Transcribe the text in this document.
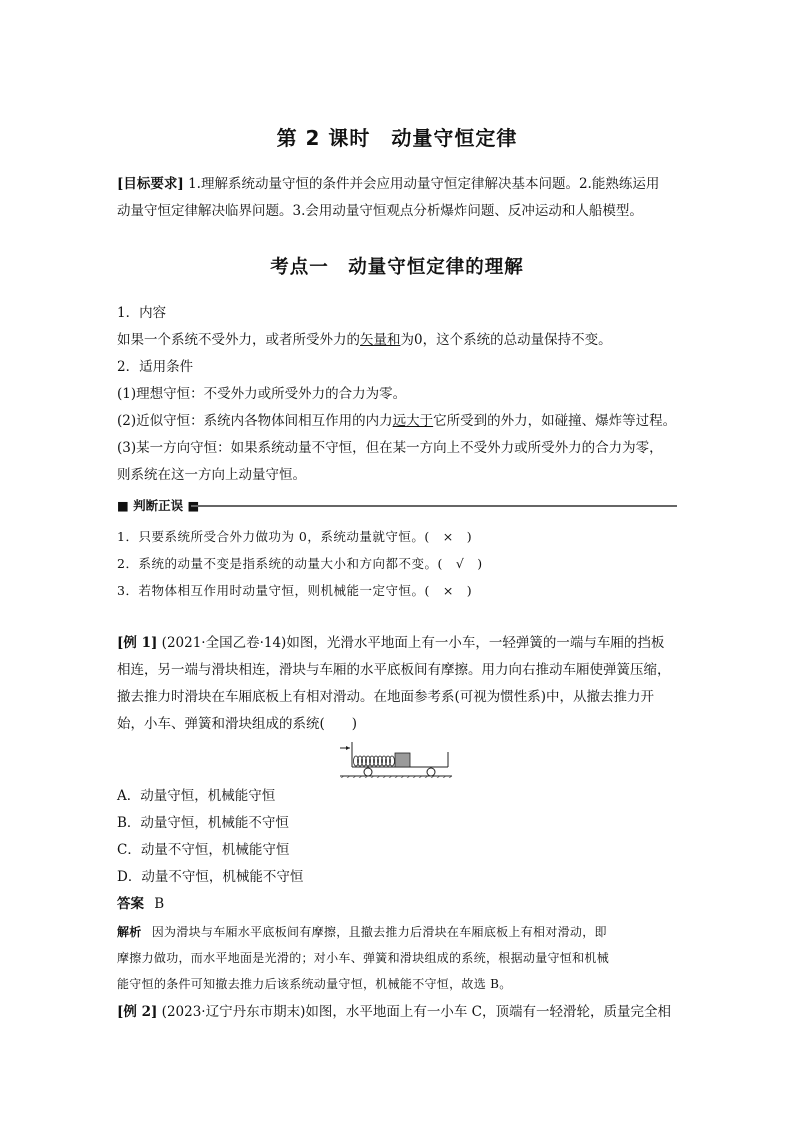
第 2 课时　动量守恒定律
[目标要求] 1.理解系统动量守恒的条件并会应用动量守恒定律解决基本问题。2.能熟练运用
动量守恒定律解决临界问题。3.会用动量守恒观点分析爆炸问题、反冲运动和人船模型。
考点一　动量守恒定律的理解
1．内容
如果一个系统不受外力，或者所受外力的矢量和为0，这个系统的总动量保持不变。
2．适用条件
(1)理想守恒：不受外力或所受外力的合力为零。
(2)近似守恒：系统内各物体间相互作用的内力远大于它所受到的外力，如碰撞、爆炸等过程。
(3)某一方向守恒：如果系统动量不守恒，但在某一方向上不受外力或所受外力的合力为零，
则系统在这一方向上动量守恒。
■ 判断正误 ■
1．只要系统所受合外力做功为 0，系统动量就守恒。(　×　)
2．系统的动量不变是指系统的动量大小和方向都不变。(　√　)
3．若物体相互作用时动量守恒，则机械能一定守恒。(　×　)
[例 1] (2021·全国乙卷·14)如图，光滑水平地面上有一小车，一轻弹簧的一端与车厢的挡板
相连，另一端与滑块相连，滑块与车厢的水平底板间有摩擦。用力向右推动车厢使弹簧压缩，
撤去推力时滑块在车厢底板上有相对滑动。在地面参考系(可视为惯性系)中，从撤去推力开
始，小车、弹簧和滑块组成的系统(　　)
A．动量守恒，机械能守恒
B．动量守恒，机械能不守恒
C．动量不守恒，机械能守恒
D．动量不守恒，机械能不守恒
答案 B
解析 因为滑块与车厢水平底板间有摩擦，且撤去推力后滑块在车厢底板上有相对滑动，即
摩擦力做功，而水平地面是光滑的；对小车、弹簧和滑块组成的系统，根据动量守恒和机械
能守恒的条件可知撤去推力后该系统动量守恒，机械能不守恒，故选 B。
[例 2] (2023·辽宁丹东市期末)如图，水平地面上有一小车 C，顶端有一轻滑轮，质量完全相
